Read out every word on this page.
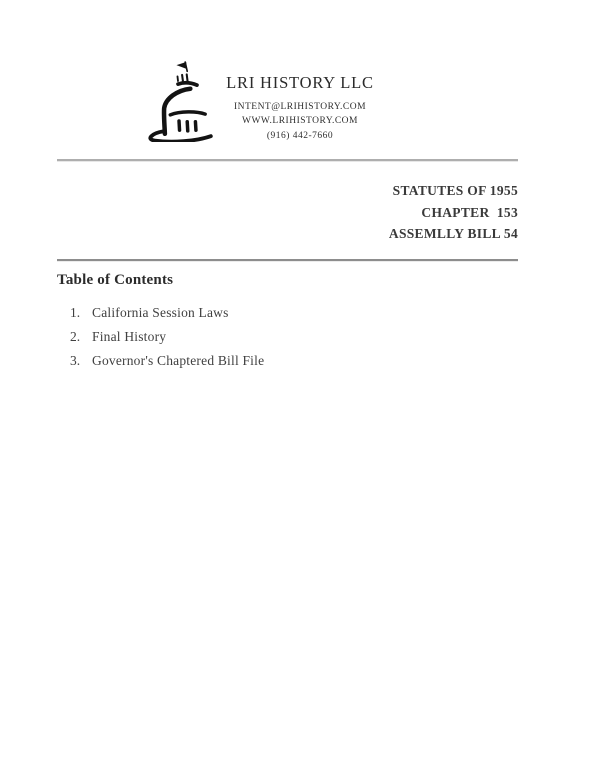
LRI HISTORY LLC
INTENT@LRIHISTORY.COM
WWW.LRIHISTORY.COM
(916) 442-7660
STATUTES OF 1955
CHAPTER  153
ASSEMLLY BILL 54
Table of Contents
1. California Session Laws
2. Final History
3. Governor's Chaptered Bill File
